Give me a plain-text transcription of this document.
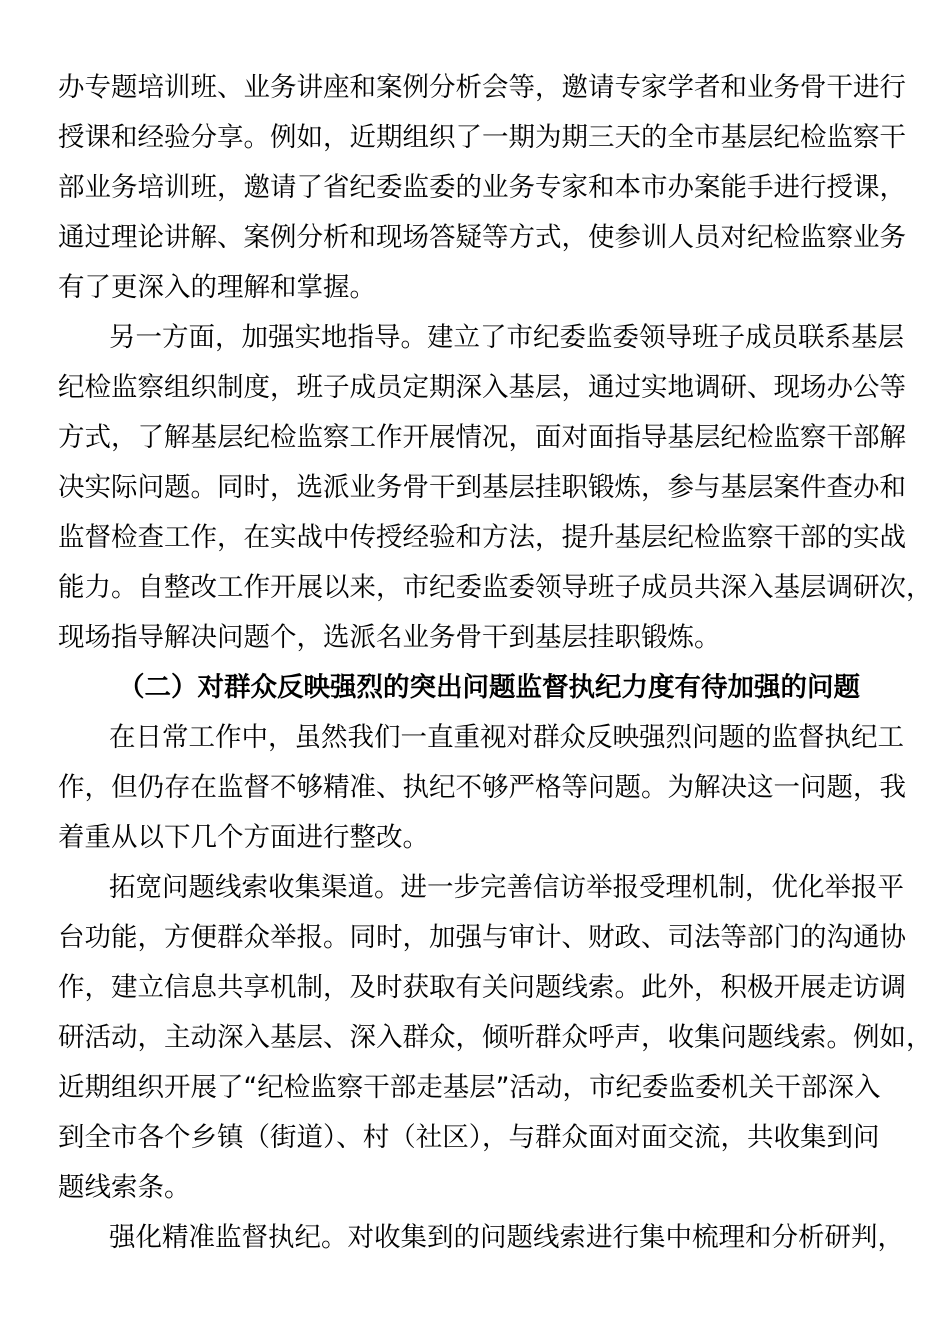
办专题培训班、业务讲座和案例分析会等，邀请专家学者和业务骨干进行
授课和经验分享。例如，近期组织了一期为期三天的全市基层纪检监察干
部业务培训班，邀请了省纪委监委的业务专家和本市办案能手进行授课，
通过理论讲解、案例分析和现场答疑等方式，使参训人员对纪检监察业务
有了更深入的理解和掌握。
另一方面，加强实地指导。建立了市纪委监委领导班子成员联系基层
纪检监察组织制度，班子成员定期深入基层，通过实地调研、现场办公等
方式，了解基层纪检监察工作开展情况，面对面指导基层纪检监察干部解
决实际问题。同时，选派业务骨干到基层挂职锻炼，参与基层案件查办和
监督检查工作，在实战中传授经验和方法，提升基层纪检监察干部的实战
能力。自整改工作开展以来，市纪委监委领导班子成员共深入基层调研次，
现场指导解决问题个，选派名业务骨干到基层挂职锻炼。
（二）对群众反映强烈的突出问题监督执纪力度有待加强的问题
在日常工作中，虽然我们一直重视对群众反映强烈问题的监督执纪工
作，但仍存在监督不够精准、执纪不够严格等问题。为解决这一问题，我
着重从以下几个方面进行整改。
拓宽问题线索收集渠道。进一步完善信访举报受理机制，优化举报平
台功能，方便群众举报。同时，加强与审计、财政、司法等部门的沟通协
作，建立信息共享机制，及时获取有关问题线索。此外，积极开展走访调
研活动，主动深入基层、深入群众，倾听群众呼声，收集问题线索。例如，
近期组织开展了“纪检监察干部走基层”活动，市纪委监委机关干部深入
到全市各个乡镇（街道）、村（社区），与群众面对面交流，共收集到问
题线索条。
强化精准监督执纪。对收集到的问题线索进行集中梳理和分析研判，
